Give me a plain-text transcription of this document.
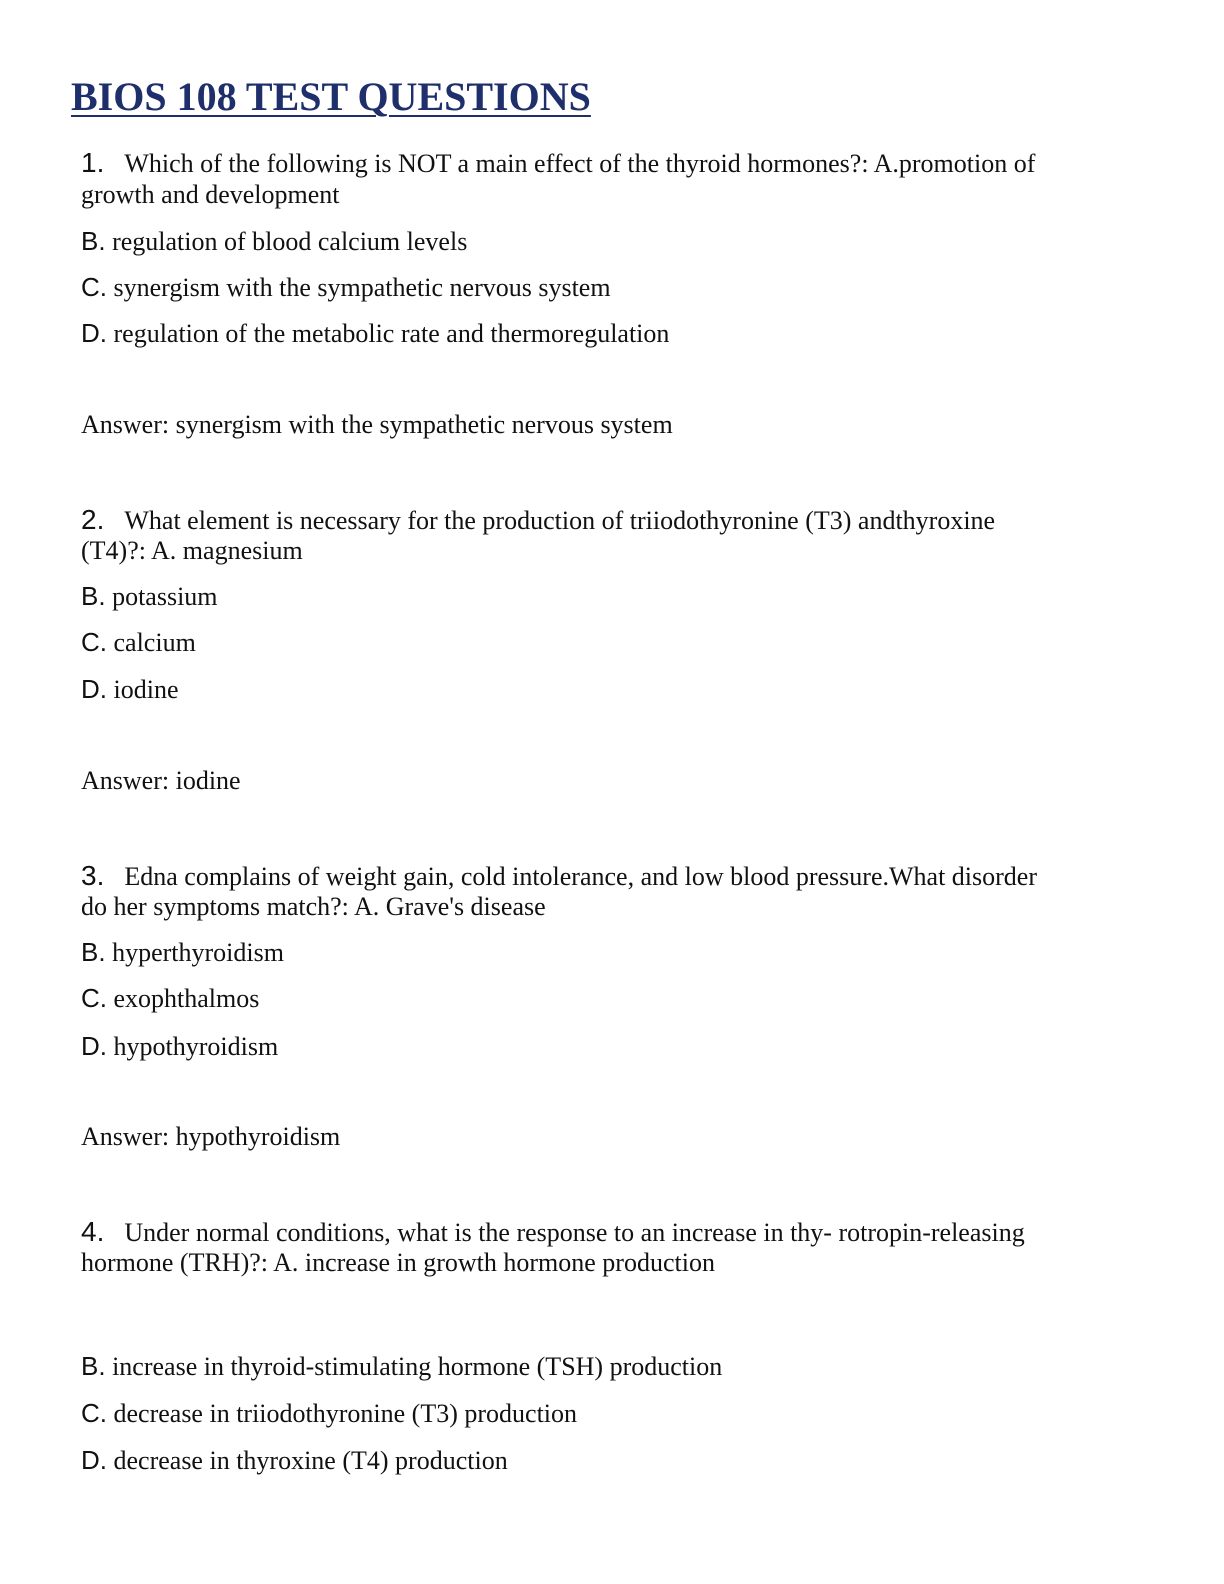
BIOS 108 TEST QUESTIONS
1. Which of the following is NOT a main effect of the thyroid hormones?: A.promotion of
growth and development
B. regulation of blood calcium levels
C. synergism with the sympathetic nervous system
D. regulation of the metabolic rate and thermoregulation
Answer: synergism with the sympathetic nervous system
2. What element is necessary for the production of triiodothyronine (T3) andthyroxine
(T4)?: A. magnesium
B. potassium
C. calcium
D. iodine
Answer: iodine
3. Edna complains of weight gain, cold intolerance, and low blood pressure.What disorder
do her symptoms match?: A. Grave's disease
B. hyperthyroidism
C. exophthalmos
D. hypothyroidism
Answer: hypothyroidism
4. Under normal conditions, what is the response to an increase in thy- rotropin-releasing
hormone (TRH)?: A. increase in growth hormone production
B. increase in thyroid-stimulating hormone (TSH) production
C. decrease in triiodothyronine (T3) production
D. decrease in thyroxine (T4) production
